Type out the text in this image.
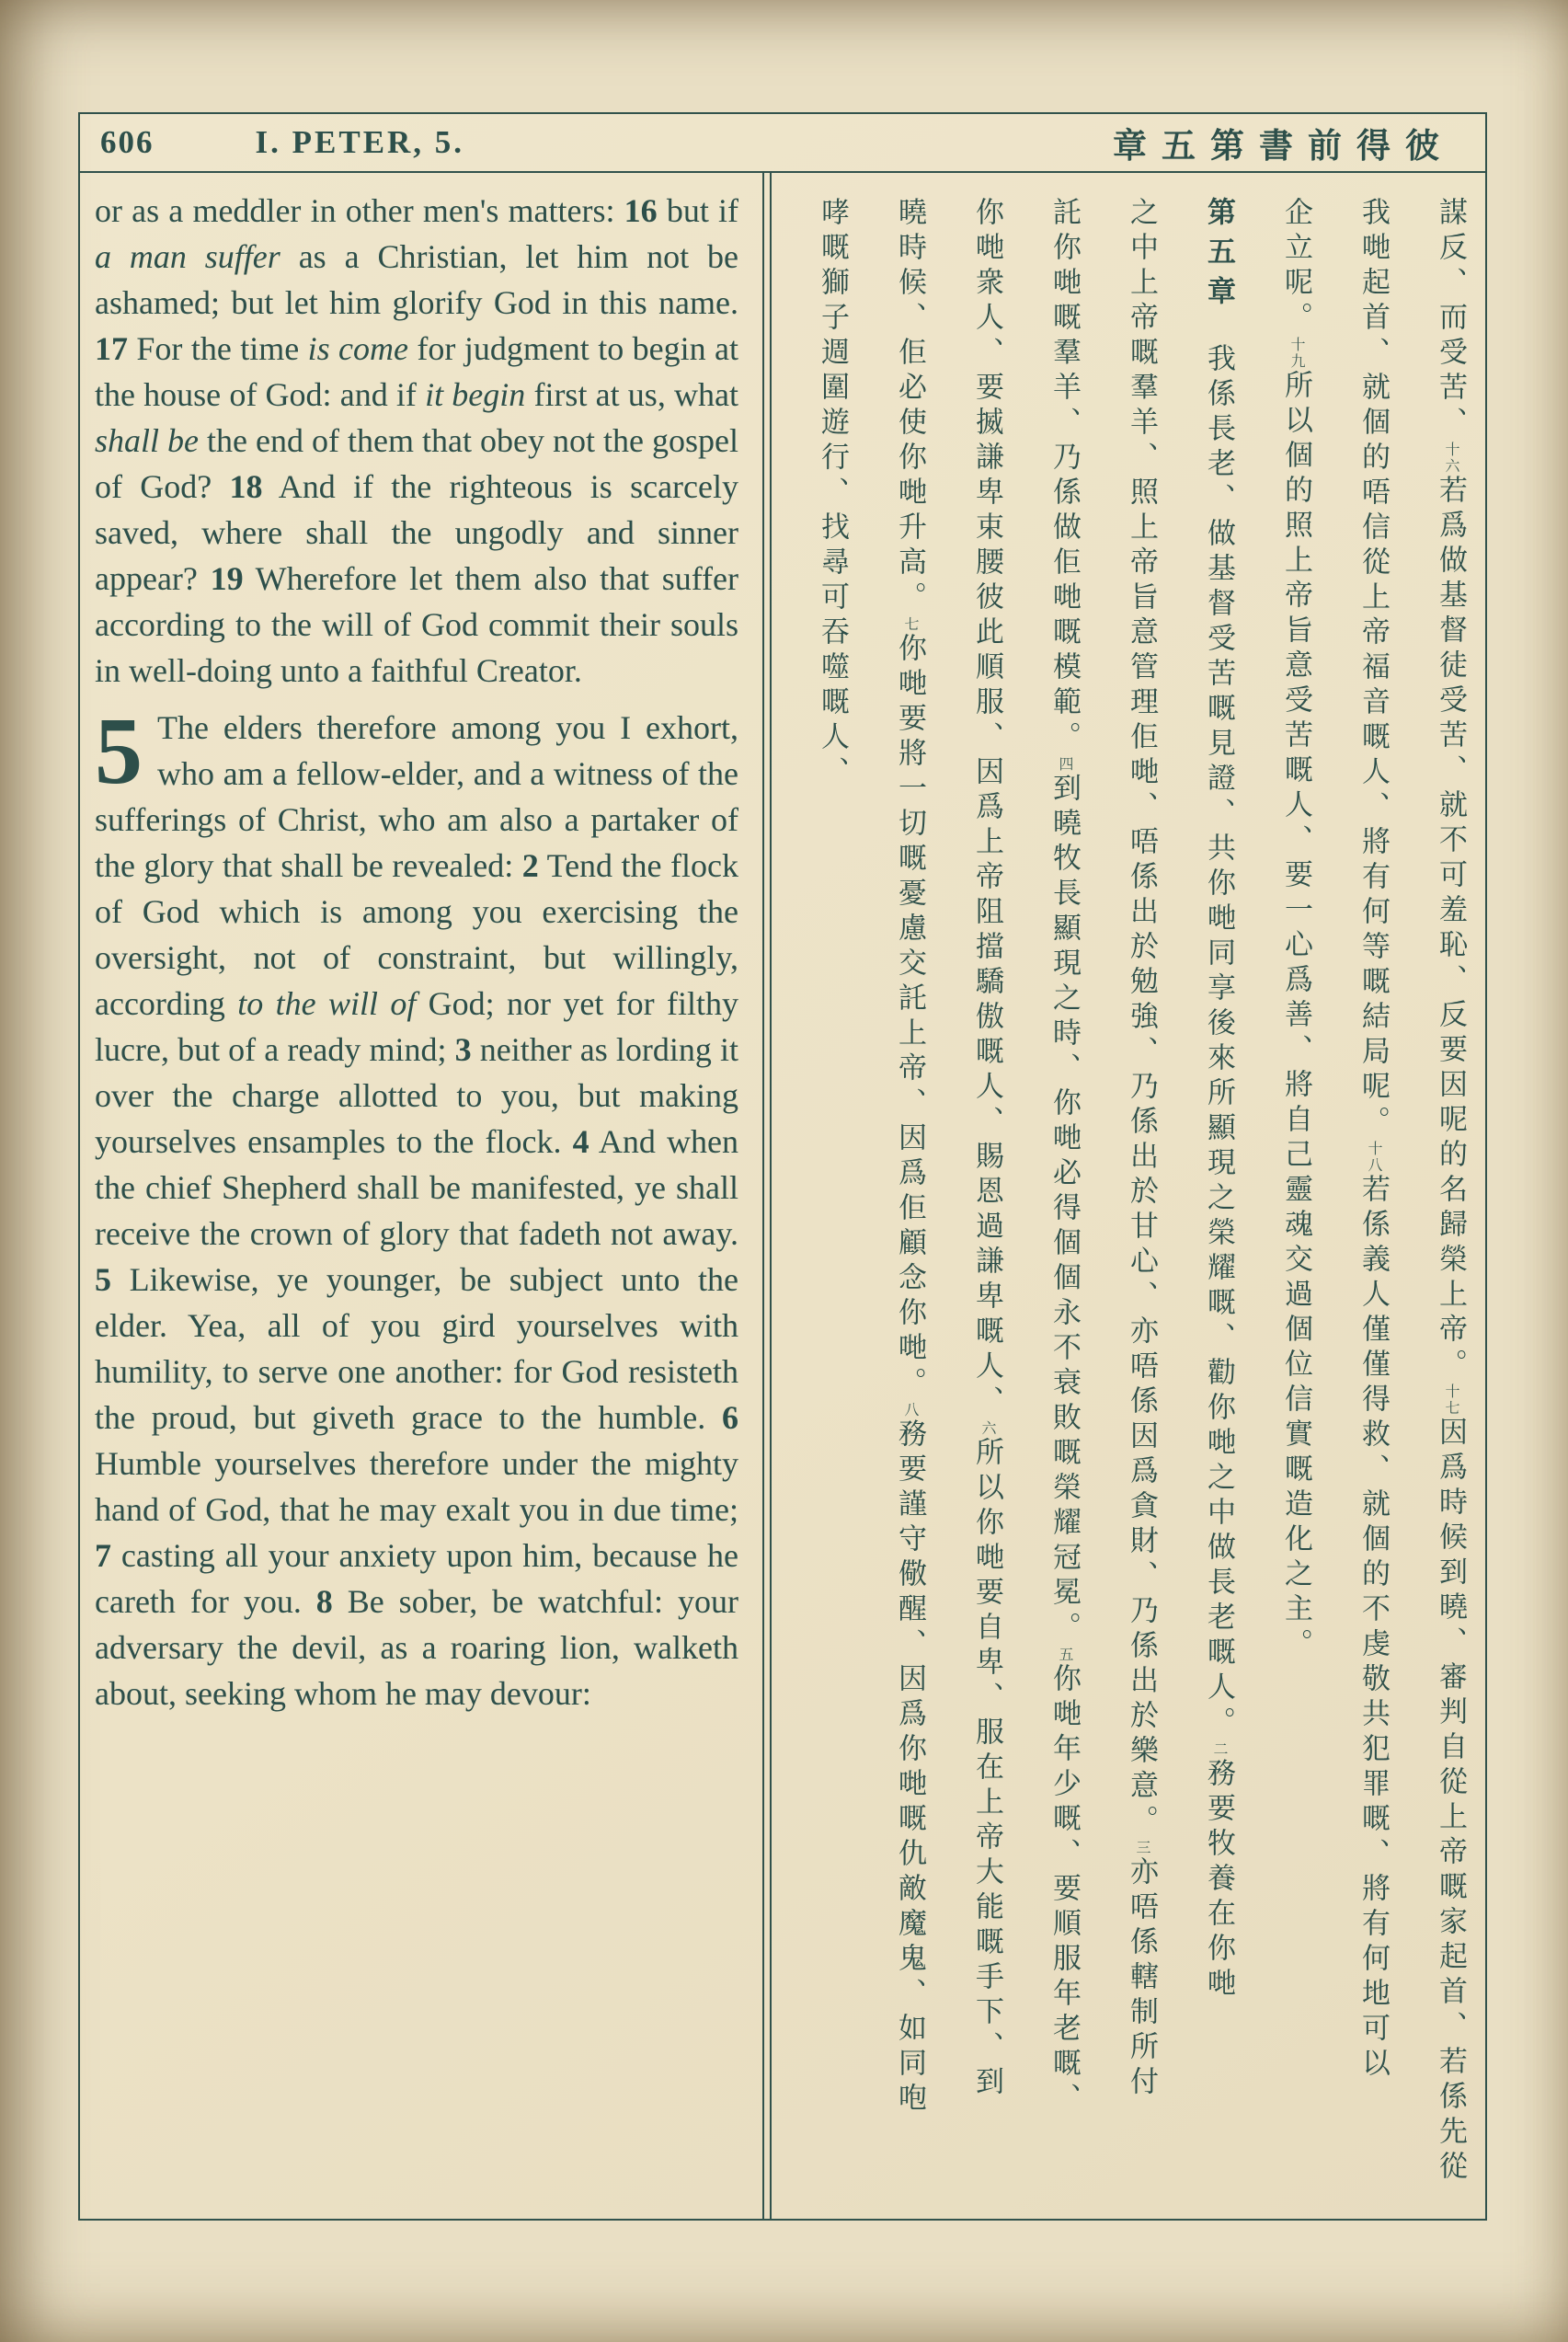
606	I. PETER, 5.	章五第書前得彼

or as a meddler in other men's matters: 16 but if a man suffer as a Christian, let him not be ashamed; but let him glorify God in this name. 17 For the time is come for judgment to begin at the house of God: and if it begin first at us, what shall be the end of them that obey not the gospel of God? 18 And if the righteous is scarcely saved, where shall the ungodly and sinner appear? 19 Wherefore let them also that suffer according to the will of God commit their souls in well-doing unto a faithful Creator.

5 The elders therefore among you I exhort, who am a fellow-elder, and a witness of the sufferings of Christ, who am also a partaker of the glory that shall be revealed: 2 Tend the flock of God which is among you exercising the oversight, not of constraint, but willingly, according to the will of God; nor yet for filthy lucre, but of a ready mind; 3 neither as lording it over the charge allotted to you, but making yourselves ensamples to the flock. 4 And when the chief Shepherd shall be manifested, ye shall receive the crown of glory that fadeth not away. 5 Likewise, ye younger, be subject unto the elder. Yea, all of you gird yourselves with humility, to serve one another: for God resisteth the proud, but giveth grace to the humble. 6 Humble yourselves therefore under the mighty hand of God, that he may exalt you in due time; 7 casting all your anxiety upon him, because he careth for you. 8 Be sober, be watchful: your adversary the devil, as a roaring lion, walketh about, seeking whom he may devour:

謀反、而受苦、十六若爲做基督徒受苦、就不可羞恥、反要因呢的名歸榮上帝。十七因爲時候到曉、審判自從上帝嘅家起首、若係先從
我哋起首、就個的唔信從上帝福音嘅人、將有何等嘅結局呢。十八若係義人僅僅得救、就個的不虔敬共犯罪嘅、將有何地可以
企立呢。十九所以個的照上帝旨意受苦嘅人、要一心爲善、將自己靈魂交過個位信實嘅造化之主。
第五章我係長老、做基督受苦嘅見證、共你哋同享後來所顯現之榮耀嘅、勸你哋之中做長老嘅人。二務要牧養在你哋
之中上帝嘅羣羊、照上帝旨意管理佢哋、唔係出於勉強、乃係出於甘心、亦唔係因爲貪財、乃係出於樂意。三亦唔係轄制所付
託你哋嘅羣羊、乃係做佢哋嘅模範。四到曉牧長顯現之時、你哋必得個個永不衰敗嘅榮耀冠冕。五你哋年少嘅、要順服年老嘅、
你哋衆人、要揻謙卑束腰彼此順服、因爲上帝阻擋驕傲嘅人、賜恩過謙卑嘅人、六所以你哋要自卑、服在上帝大能嘅手下、到
曉時候、佢必使你哋升高。七你哋要將一切嘅憂慮交託上帝、因爲佢顧念你哋。八務要謹守儆醒、因爲你哋嘅仇敵魔鬼、如同咆
哮嘅獅子週圍遊行、找尋可吞噬嘅人、
